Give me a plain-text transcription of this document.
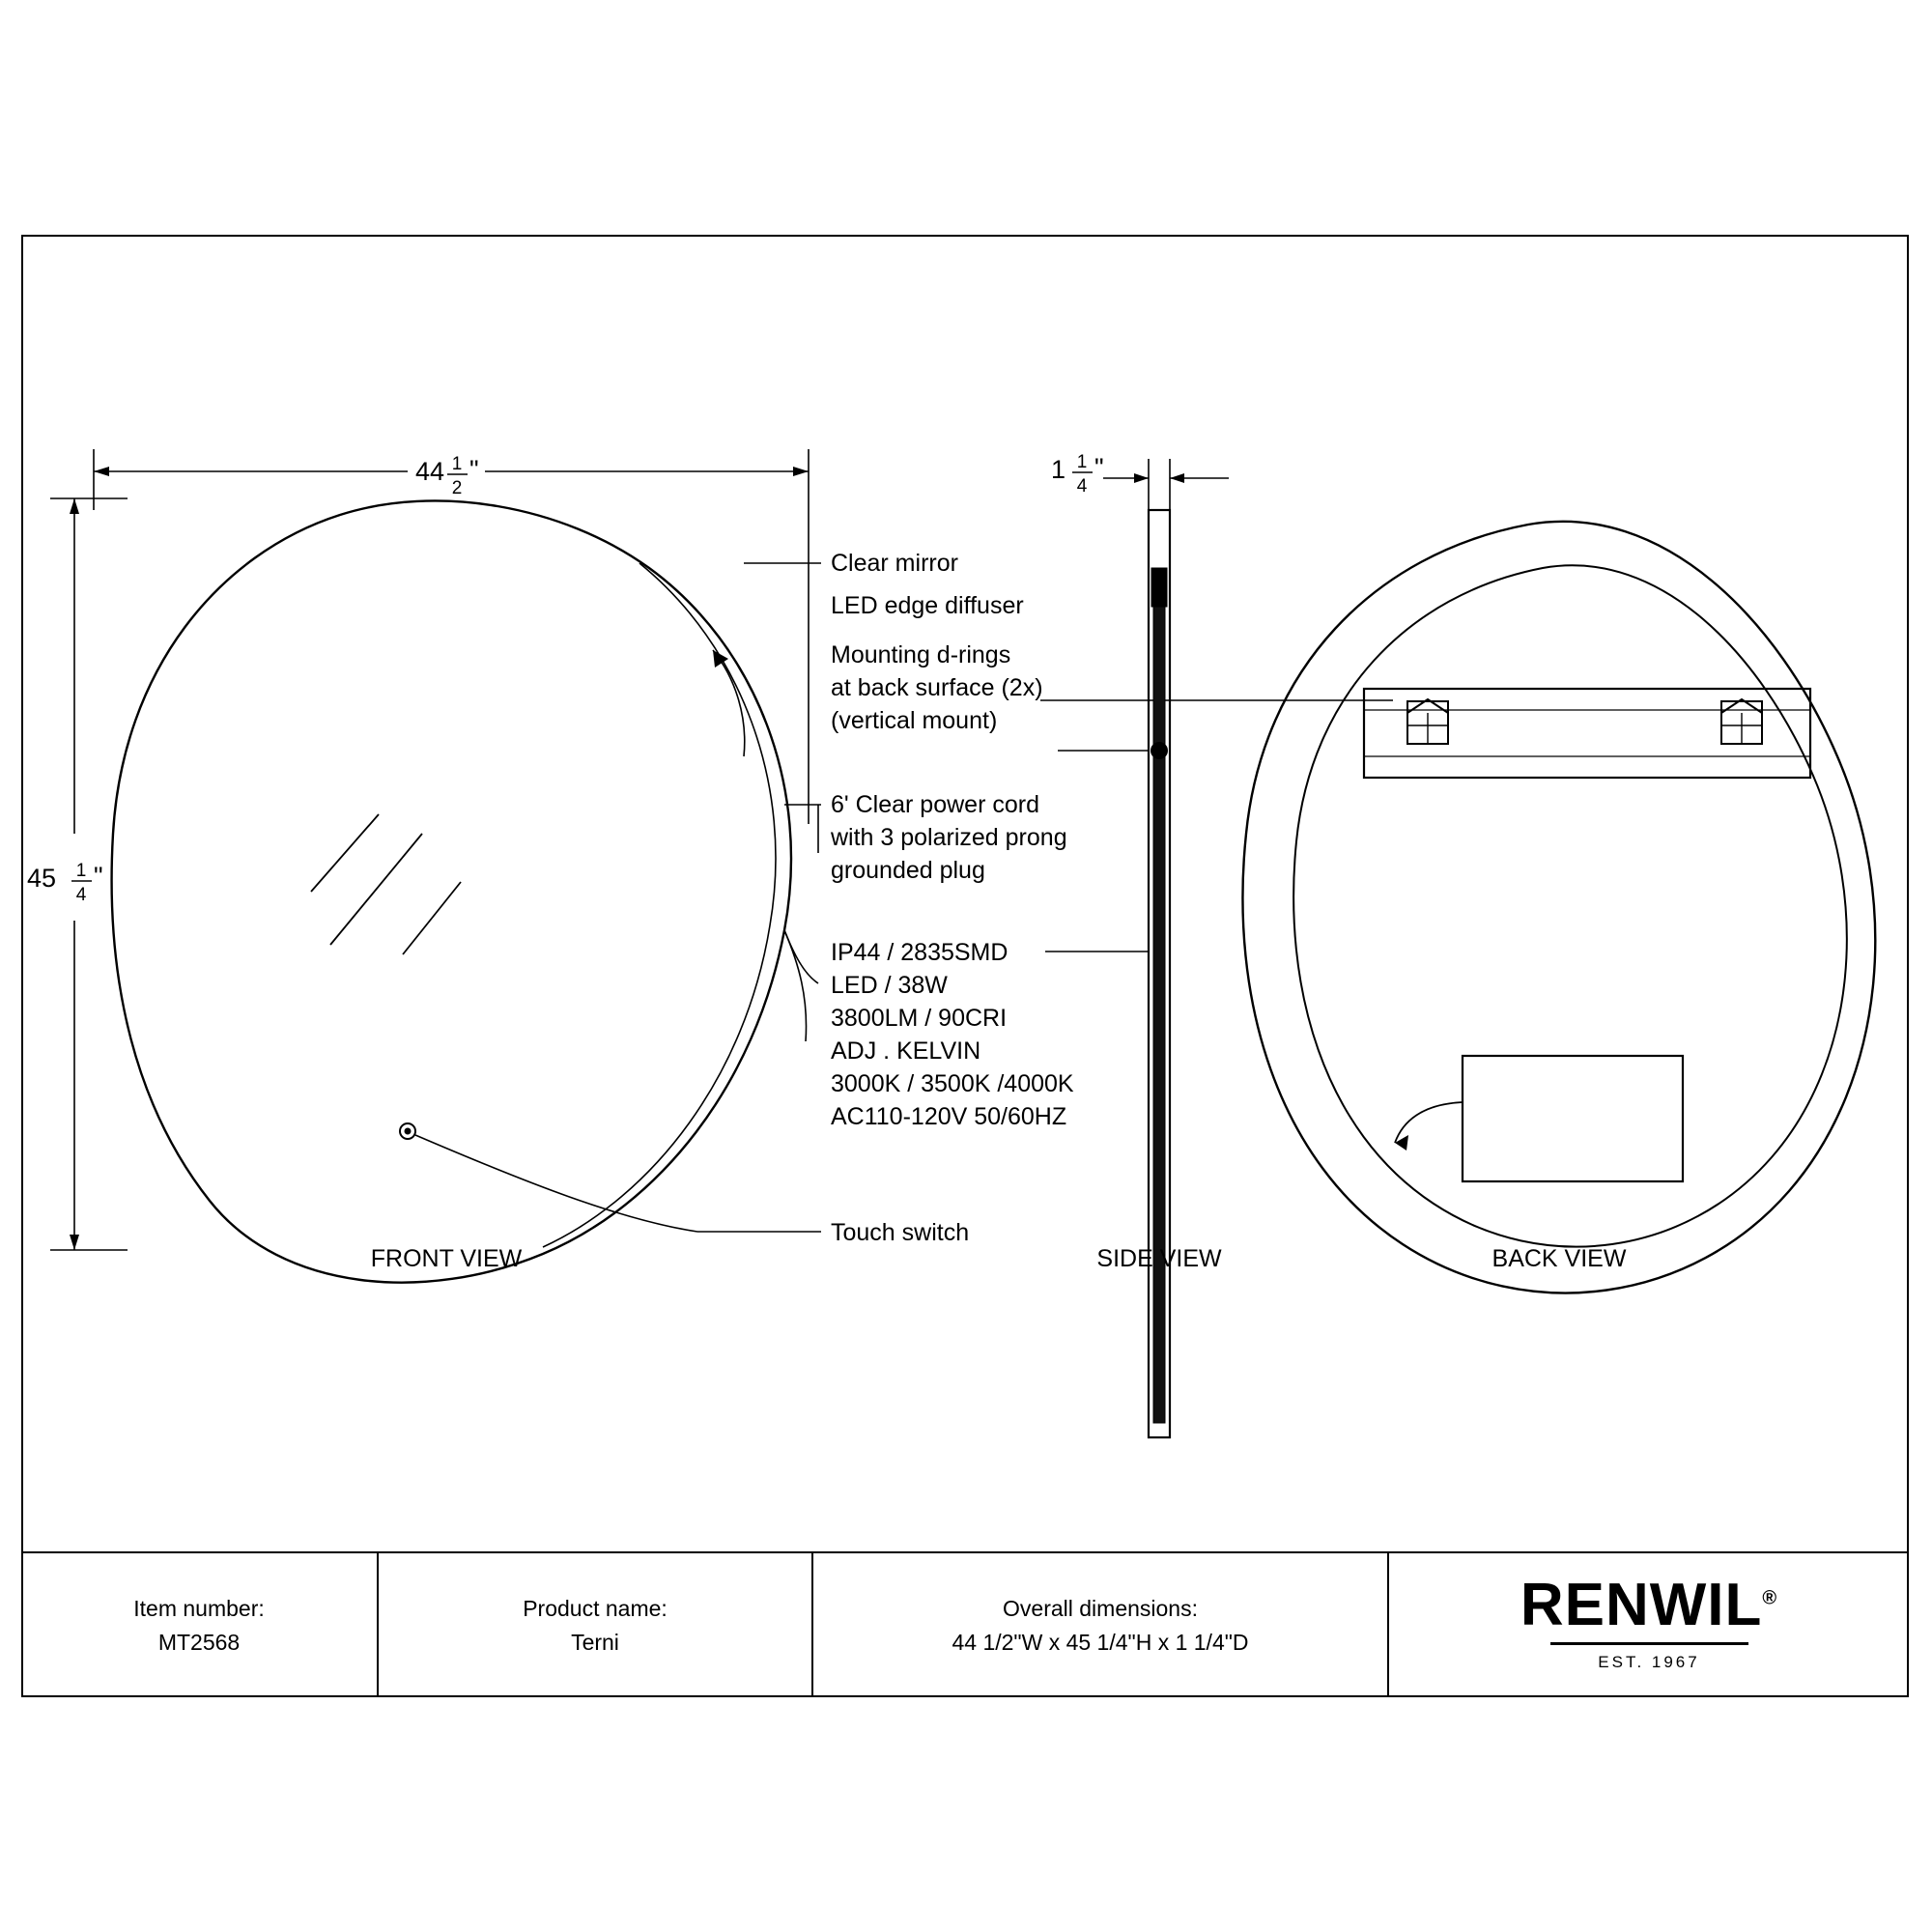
44 1
2
"
45 1
4
"
Clear mirror
LED edge diffuser
Mounting d-rings
at back surface (2x)
(vertical mount)
6' Clear power cord
with 3 polarized prong
grounded plug
IP44 / 2835SMD
LED / 38W
3800LM / 90CRI
ADJ . KELVIN
3000K / 3500K /4000K
AC110-120V 50/60HZ
Touch switch
1 1
4
"
FRONT VIEW	SIDE VIEW	BACK VIEW
Item number:
MT2568
Product name:
Terni
Overall dimensions:
44 1/2"W x 45 1/4"H x 1 1/4"D
RENWIL®
EST. 1967
